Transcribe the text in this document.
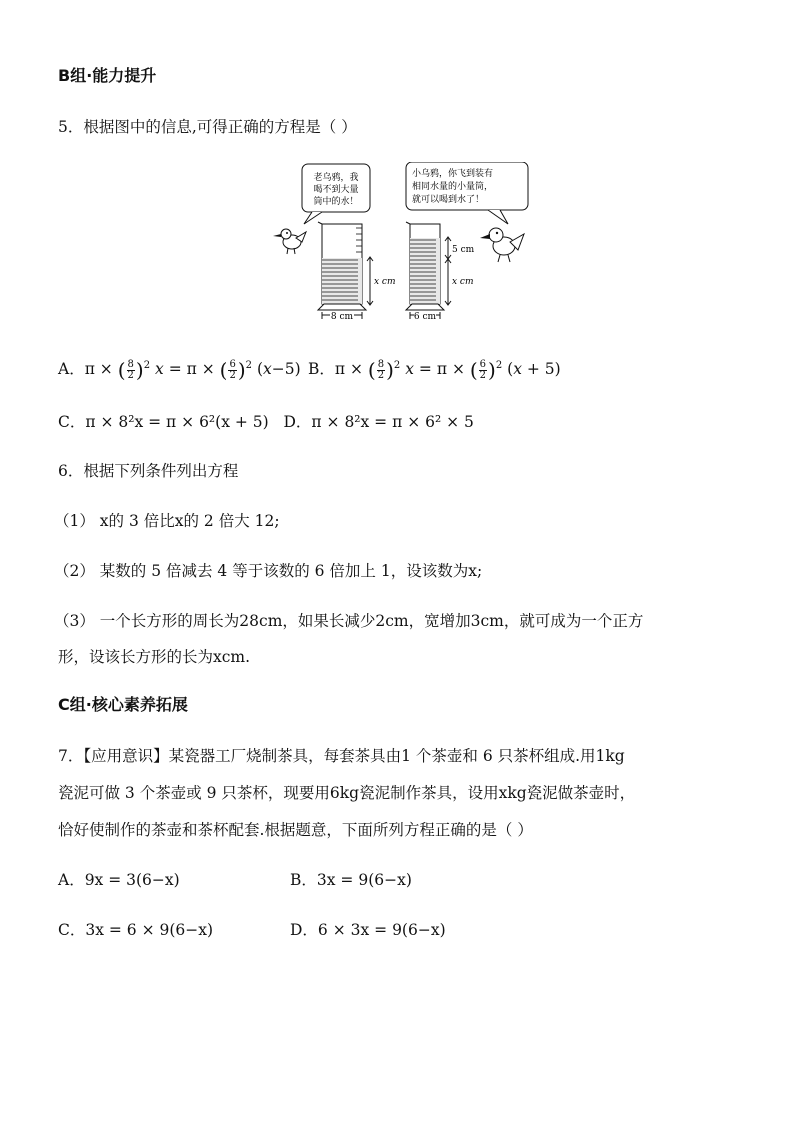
B组·能力提升
5．根据图中的信息,可得正确的方程是（ ）
老乌鸦，我
喝不到大量
筒中的水！
小乌鸦，你飞到装有
相同水量的小量筒，
就可以喝到水了！
x cm
8 cm
5 cm
x cm
6 cm
A．π × ( $\frac{8}{2} )^2$ x = π × ( $\frac{6}{2} )^2$ (x−5) B．π × ( $\frac{8}{2} )^2$ x = π × ( $\frac{6}{2} )^2$ (x + 5)
C．π × 8²x = π × 6²(x + 5) D．π × 8²x = π × 6² × 5
6．根据下列条件列出方程
（1） x的 3 倍比x的 2 倍大 12;
（2） 某数的 5 倍减去 4 等于该数的 6 倍加上 1，设该数为x;
（3） 一个长方形的周长为28cm，如果长减少2cm，宽增加3cm，就可成为一个正方
形，设该长方形的长为xcm.
C组·核心素养拓展
7．【应用意识】某瓷器工厂烧制茶具，每套茶具由1 个茶壶和 6 只茶杯组成.用1kg
瓷泥可做 3 个茶壶或 9 只茶杯，现要用6kg瓷泥制作茶具，设用xkg瓷泥做茶壶时，
恰好使制作的茶壶和茶杯配套.根据题意，下面所列方程正确的是（ ）
A．9x = 3(6−x)	B．3x = 9(6−x)
C．3x = 6 × 9(6−x)	D．6 × 3x = 9(6−x)
